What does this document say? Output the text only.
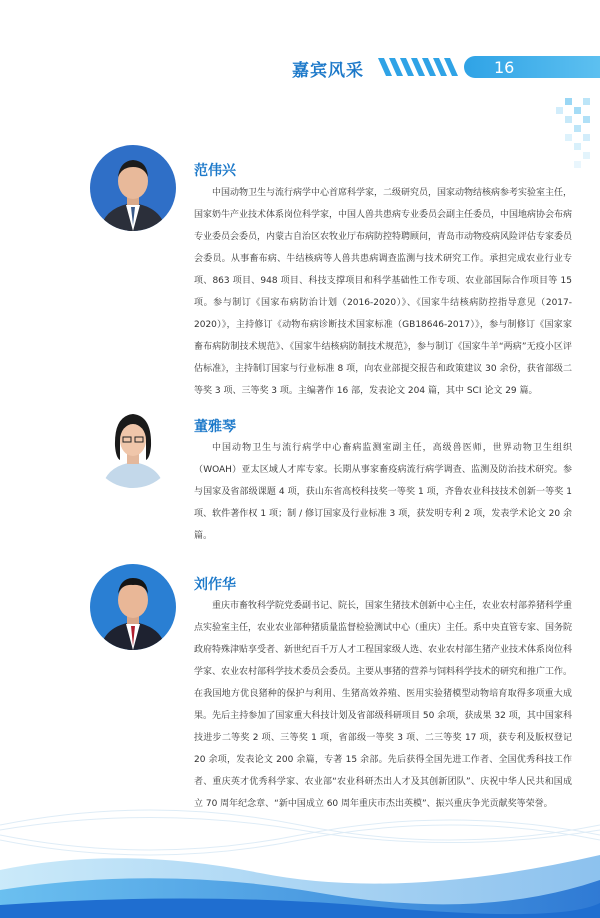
嘉宾风采	16
范伟兴

中国动物卫生与流行病学中心首席科学家，二级研究员，国家动物结核病参考实验室主任，国家奶牛产业技术体系岗位科学家，中国人兽共患病专业委员会副主任委员，中国地病协会布病专业委员会委员，内蒙古自治区农牧业厅布病防控特聘顾问，青岛市动物疫病风险评估专家委员会委员。从事畜布病、牛结核病等人兽共患病调查监测与技术研究工作。承担完成农业行业专项、863 项目、948 项目、科技支撑项目和科学基础性工作专项、农业部国际合作项目等 15 项。参与制订《国家布病防治计划（2016-2020）》、《国家牛结核病防控指导意见（2017-2020）》，主持修订《动物布病诊断技术国家标准（GB18646-2017）》，参与制修订《国家家畜布病防制技术规范》、《国家牛结核病防制技术规范》，参与制订《国家牛羊“两病”无疫小区评估标准》，主持制订国家与行业标准 8 项，向农业部提交报告和政策建议 30 余份，获省部级二等奖 3 项、三等奖 3 项。主编著作 16 部，发表论文 204 篇，其中 SCI 论文 29 篇。

董雅琴

中国动物卫生与流行病学中心畜病监测室副主任，高级兽医师，世界动物卫生组织（WOAH）亚太区域人才库专家。长期从事家畜疫病流行病学调查、监测及防治技术研究。参与国家及省部级课题 4 项，获山东省高校科技奖一等奖 1 项，齐鲁农业科技技术创新一等奖 1 项、软件著作权 1 项；制 / 修订国家及行业标准 3 项，获发明专利 2 项，发表学术论文 20 余篇。

刘作华

重庆市畜牧科学院党委副书记、院长，国家生猪技术创新中心主任，农业农村部养猪科学重点实验室主任，农业农业部种猪质量监督检验测试中心（重庆）主任。系中央直管专家、国务院政府特殊津贴享受者、新世纪百千万人才工程国家级人选、农业农村部生猪产业技术体系岗位科学家、农业农村部科学技术委员会委员。主要从事猪的营养与饲料科学技术的研究和推广工作。在我国地方优良猪种的保护与利用、生猪高效养殖、医用实验猪模型动物培育取得多项重大成果。先后主持参加了国家重大科技计划及省部级科研项目 50 余项，获成果 32 项，其中国家科技进步二等奖 2 项、三等奖 1 项，省部级一等奖 3 项、二三等奖 17 项，获专利及版权登记 20 余项，发表论文 200 余篇，专著 15 余部。先后获得全国先进工作者、全国优秀科技工作者、重庆英才优秀科学家、农业部“农业科研杰出人才及其创新团队”、庆祝中华人民共和国成立 70 周年纪念章、“新中国成立 60 周年重庆市杰出英模”、振兴重庆争光贡献奖等荣誉。
